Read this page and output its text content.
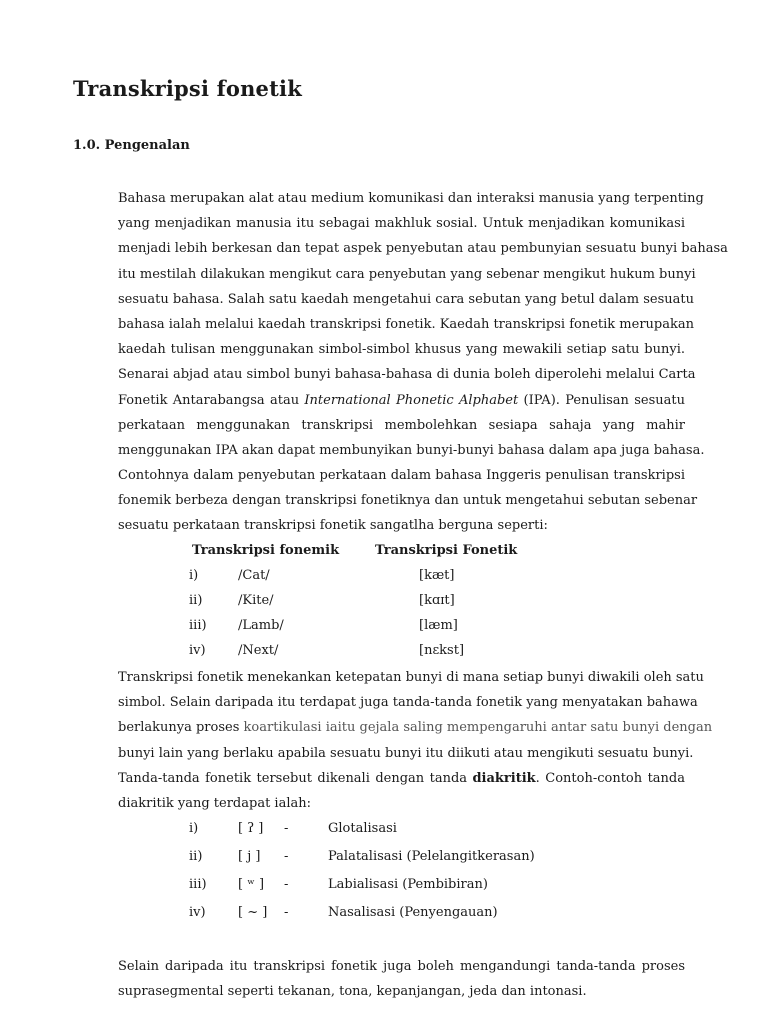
Transkripsi fonetik

1.0. Pengenalan

Bahasa merupakan alat atau medium komunikasi dan interaksi manusia yang terpenting
yang menjadikan manusia itu sebagai makhluk sosial. Untuk menjadikan komunikasi
menjadi lebih berkesan dan tepat aspek penyebutan atau pembunyian sesuatu bunyi bahasa
itu mestilah dilakukan mengikut cara penyebutan yang sebenar mengikut hukum bunyi
sesuatu bahasa. Salah satu kaedah mengetahui cara sebutan yang betul dalam sesuatu
bahasa ialah melalui kaedah transkripsi fonetik. Kaedah transkripsi fonetik merupakan
kaedah tulisan menggunakan simbol-simbol khusus yang mewakili setiap satu bunyi.
Senarai abjad atau simbol bunyi bahasa-bahasa di dunia boleh diperolehi melalui Carta
Fonetik Antarabangsa atau International Phonetic Alphabet (IPA). Penulisan sesuatu
perkataan menggunakan transkripsi membolehkan sesiapa sahaja yang mahir
menggunakan IPA akan dapat membunyikan bunyi-bunyi bahasa dalam apa juga bahasa.
Contohnya dalam penyebutan perkataan dalam bahasa Inggeris penulisan transkripsi
fonemik berbeza dengan transkripsi fonetiknya dan untuk mengetahui sebutan sebenar
sesuatu perkataan transkripsi fonetik sangatlha berguna seperti:
Transkripsi fonemik	Transkripsi Fonetik
i)	/Cat/	[kæt]
ii)	/Kite/	[kɑɪt]
iii) /Lamb/	[læm]
iv) /Next/	[nɛkst]
Transkripsi fonetik menekankan ketepatan bunyi di mana setiap bunyi diwakili oleh satu
simbol. Selain daripada itu terdapat juga tanda-tanda fonetik yang menyatakan bahawa
berlakunya proses koartikulasi iaitu gejala saling mempengaruhi antar satu bunyi dengan
bunyi lain yang berlaku apabila sesuatu bunyi itu diikuti atau mengikuti sesuatu bunyi.
Tanda-tanda fonetik tersebut dikenali dengan tanda diakritik. Contoh-contoh tanda
diakritik yang terdapat ialah:
i)	[ ʔ ] -	Glotalisasi
ii)	[ j ] -	Palatalisasi (Pelelangitkerasan)
iii) [ ʷ ] -	Labialisasi (Pembibiran)
iv) [ ~ ] -	Nasalisasi (Penyengauan)
Selain daripada itu transkripsi fonetik juga boleh mengandungi tanda-tanda proses
suprasegmental seperti tekanan, tona, kepanjangan, jeda dan intonasi.
